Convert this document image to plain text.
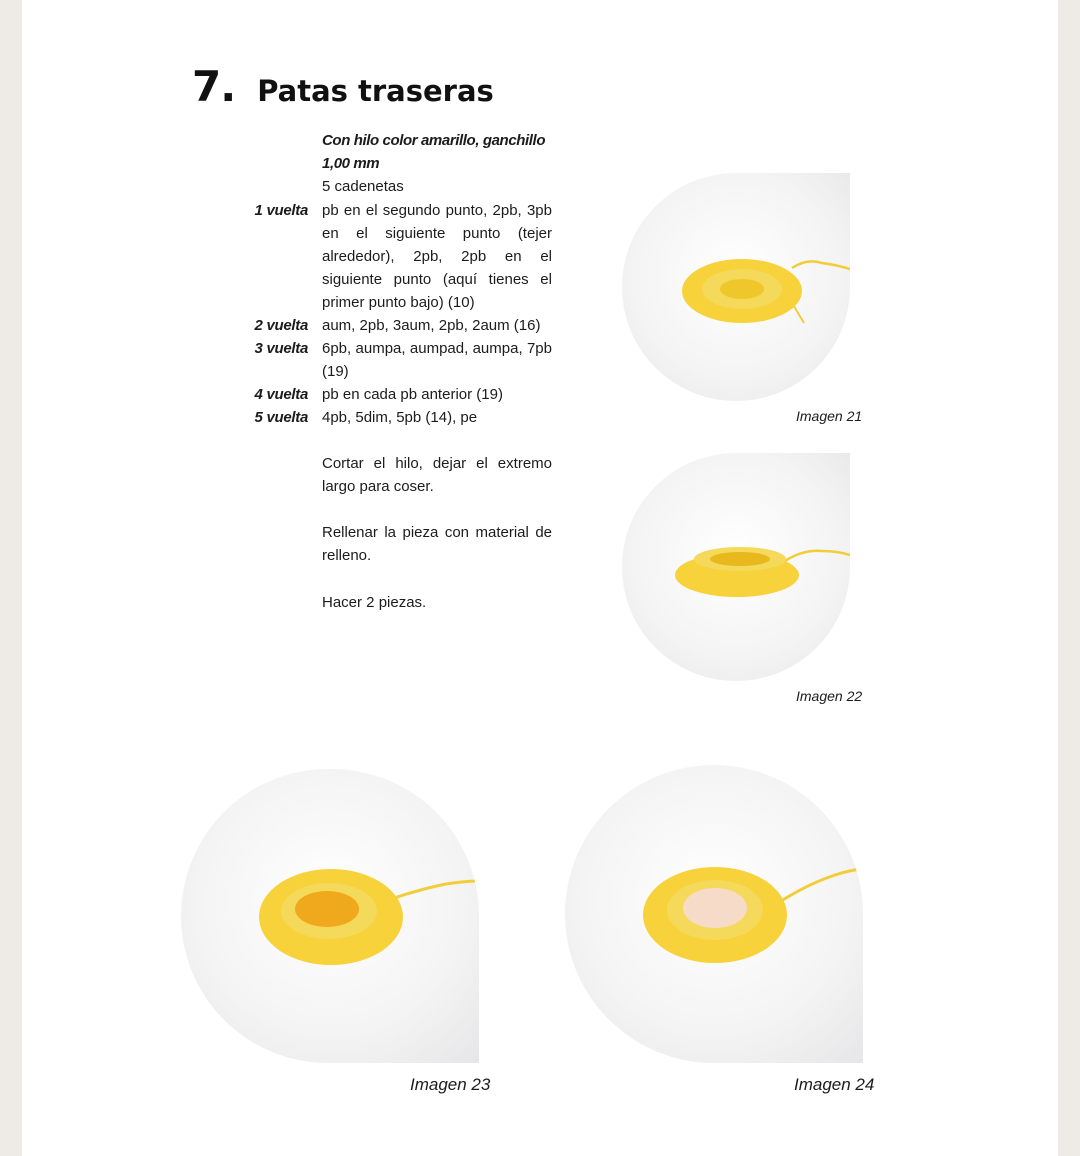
7. Patas traseras
Con hilo color amarillo, ganchillo
1,00 mm
5 cadenetas
1 vuelta pb en el segundo punto, 2pb, 3pb en el siguiente punto (tejer alrededor), 2pb, 2pb en el siguiente punto (aquí tienes el primer punto bajo) (10)
2 vuelta aum, 2pb, 3aum, 2pb, 2aum (16)
3 vuelta 6pb, aumpa, aumpad, aumpa, 7pb (19)
4 vuelta pb en cada pb anterior (19)
5 vuelta 4pb, 5dim, 5pb (14), pe
Cortar el hilo, dejar el extremo largo para coser.
Rellenar la pieza con material de relleno.
Hacer 2 piezas.
Imagen 21
Imagen 22
Imagen 23	Imagen 24
